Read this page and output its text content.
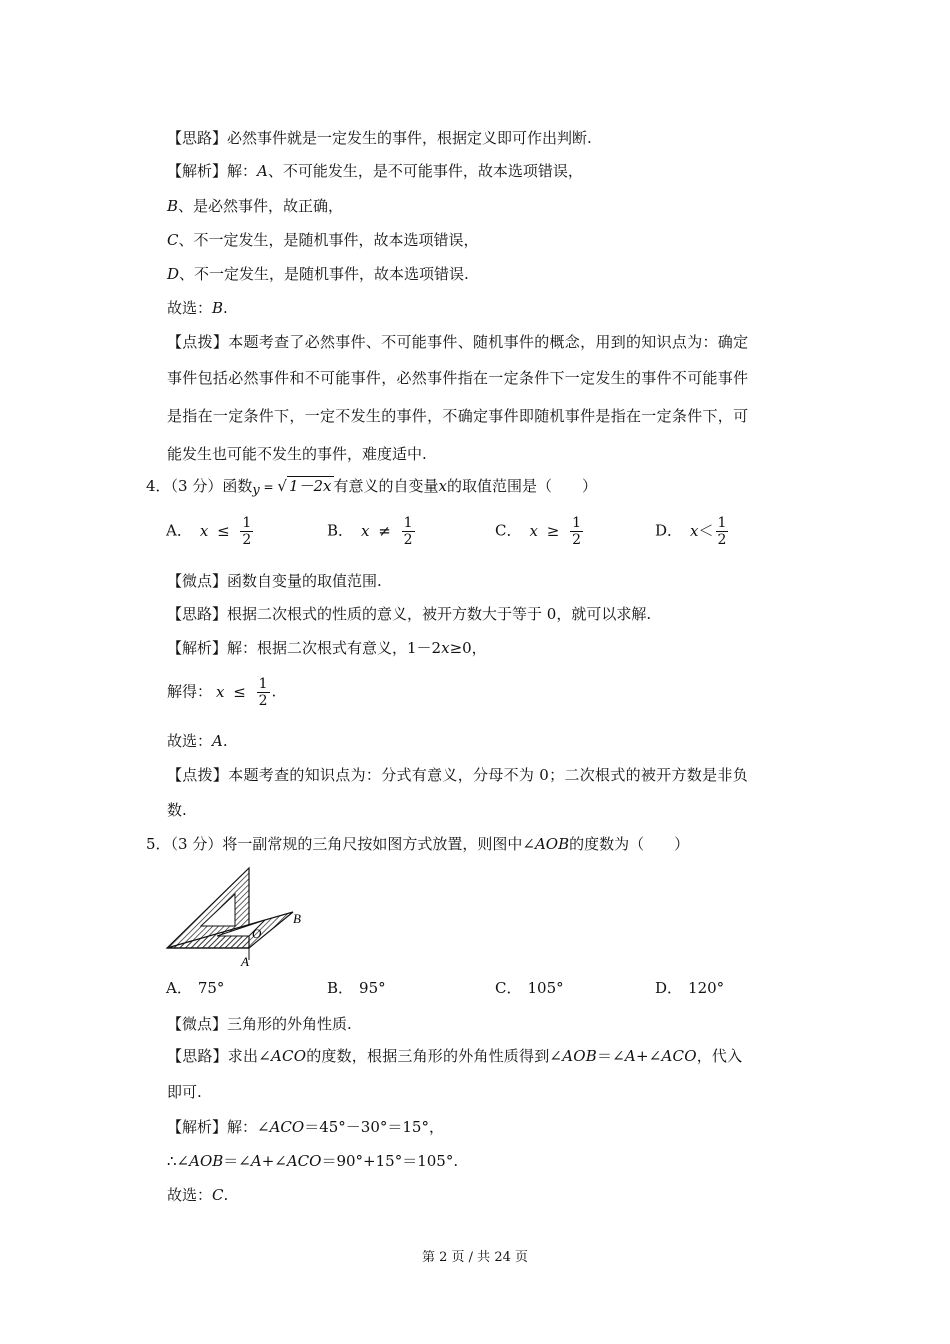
【思路】必然事件就是一定发生的事件，根据定义即可作出判断.
【解析】解：A、不可能发生，是不可能事件，故本选项错误，
B、是必然事件，故正确，
C、不一定发生，是随机事件，故本选项错误，
D、不一定发生，是随机事件，故本选项错误.
故选：B.
【点拨】本题考查了必然事件、不可能事件、随机事件的概念，用到的知识点为：确定
事件包括必然事件和不可能事件，必然事件指在一定条件下一定发生的事件不可能事件
是指在一定条件下，一定不发生的事件，不确定事件即随机事件是指在一定条件下，可
能发生也可能不发生的事件，难度适中.
4．（3 分）函数y = √ 1－2x 有意义的自变量x的取值范围是（　　）
A． $x \le \frac{1}{2}$	B． $x \ne \frac{1}{2}$	C． $x \ge \frac{1}{2}$	D． $x< \frac{1}{2}$
【微点】函数自变量的取值范围.
【思路】根据二次根式的性质的意义，被开方数大于等于 0，就可以求解.
【解析】解：根据二次根式有意义，1－2x≥0，
解得： $x \le \frac{1}{2}$ .
故选：A.
【点拨】本题考查的知识点为：分式有意义，分母不为 0；二次根式的被开方数是非负
数.
5．（3 分）将一副常规的三角尺按如图方式放置，则图中∠AOB的度数为（　　）
B
O
A
A． 75°	B． 95°	C． 105°	D． 120°
【微点】三角形的外角性质.
【思路】求出∠ACO的度数，根据三角形的外角性质得到∠AOB＝∠A+∠ACO，代入
即可.
【解析】解：∠ACO＝45°－30°＝15°，
∴∠AOB＝∠A+∠ACO＝90°+15°＝105°.
故选：C.
第 2 页 / 共 24 页
